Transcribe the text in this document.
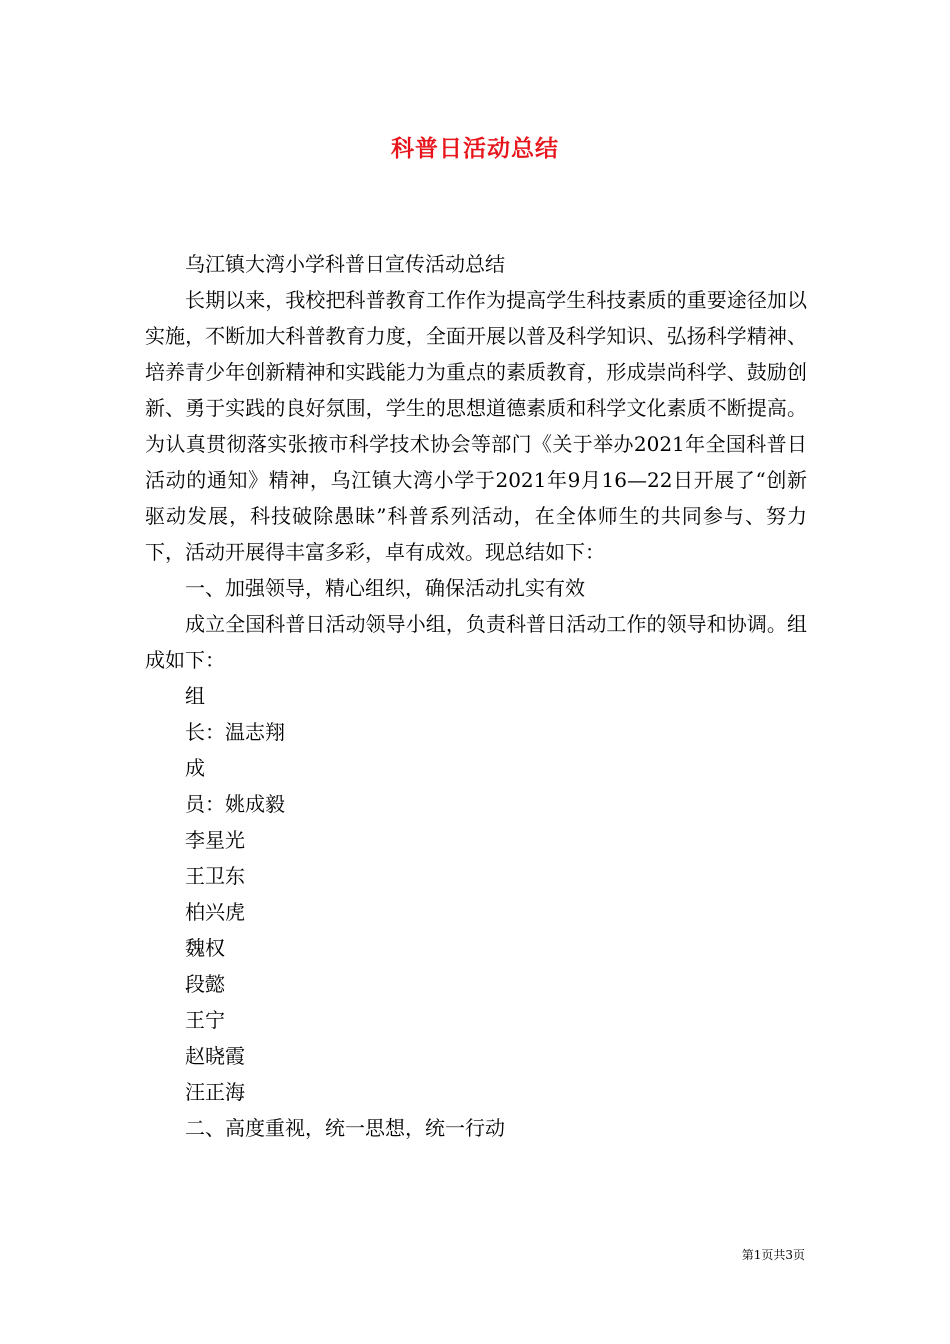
科普日活动总结

乌江镇大湾小学科普日宣传活动总结

长期以来，我校把科普教育工作作为提高学生科技素质的重要途径加以实施，不断加大科普教育力度，全面开展以普及科学知识、弘扬科学精神、培养青少年创新精神和实践能力为重点的素质教育，形成崇尚科学、鼓励创新、勇于实践的良好氛围，学生的思想道德素质和科学文化素质不断提高。为认真贯彻落实张掖市科学技术协会等部门《关于举办2021年全国科普日活动的通知》精神，乌江镇大湾小学于2021年9月16—22日开展了“创新驱动发展，科技破除愚昧”科普系列活动，在全体师生的共同参与、努力下，活动开展得丰富多彩，卓有成效。现总结如下：

一、加强领导，精心组织，确保活动扎实有效

成立全国科普日活动领导小组，负责科普日活动工作的领导和协调。组成如下：

组

长：温志翔

成

员：姚成毅

李星光

王卫东

柏兴虎

魏权

段懿

王宁

赵晓霞

汪正海

二、高度重视，统一思想，统一行动

第1页共3页
